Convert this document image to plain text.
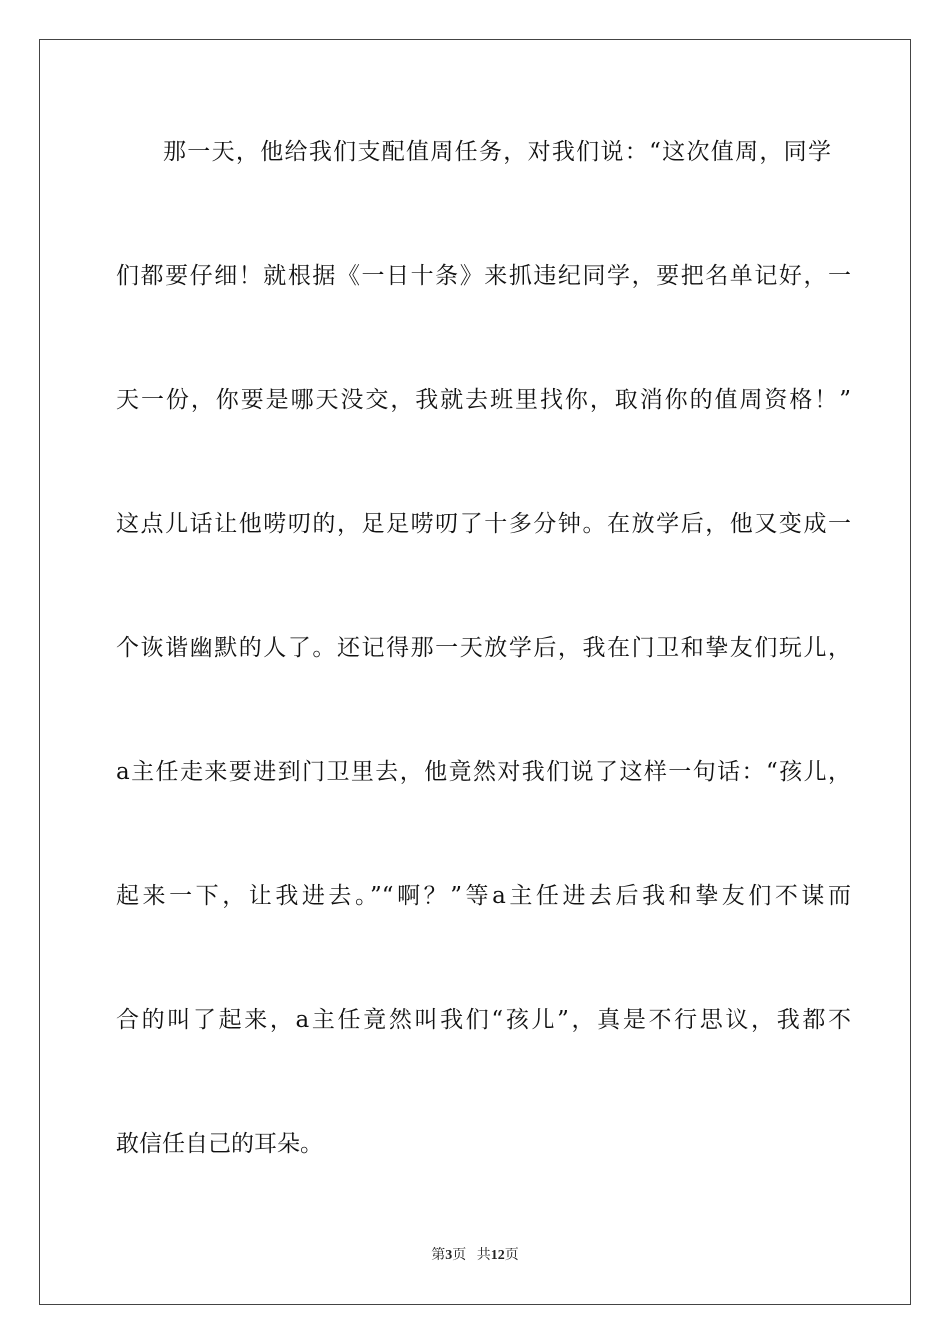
那一天，他给我们支配值周任务，对我们说：“这次值周，同学
们都要仔细！就根据《一日十条》来抓违纪同学，要把名单记好，一
天一份，你要是哪天没交，我就去班里找你，取消你的值周资格！”
这点儿话让他唠叨的，足足唠叨了十多分钟。在放学后，他又变成一
个诙谐幽默的人了。还记得那一天放学后，我在门卫和挚友们玩儿，
a主任走来要进到门卫里去，他竟然对我们说了这样一句话：“孩儿，
起来一下，让我进去。”“啊？”等a主任进去后我和挚友们不谋而
合的叫了起来，a主任竟然叫我们“孩儿”，真是不行思议，我都不
敢信任自己的耳朵。
第3页 共12页
